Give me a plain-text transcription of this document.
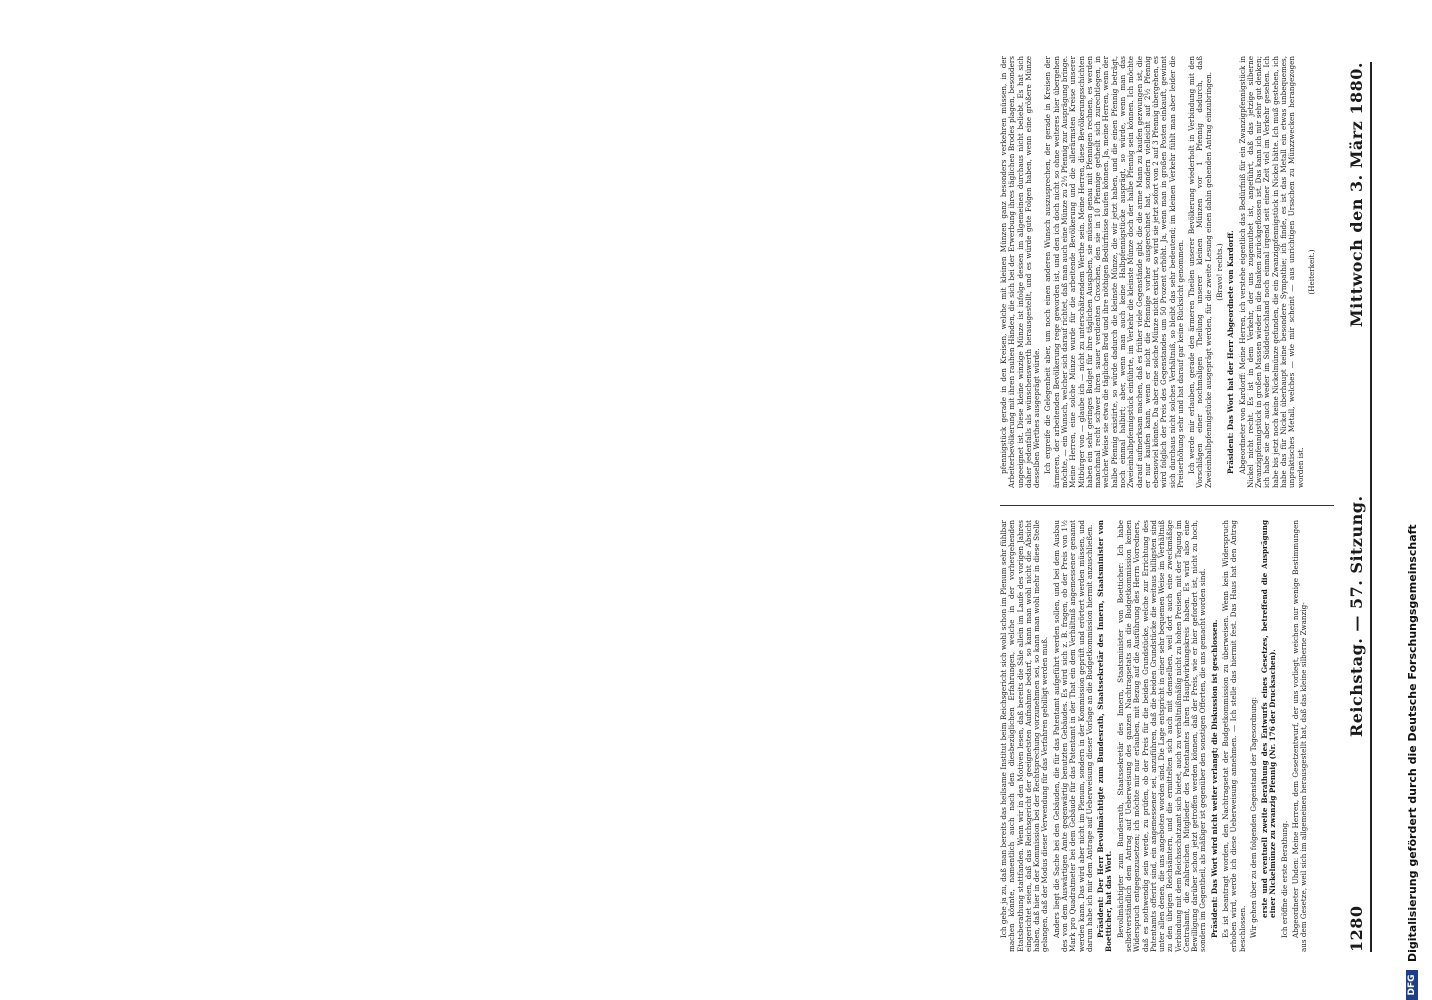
1280
Reichstag. — 57. Sitzung.
Mittwoch den 3. März 1880.

Ich gehe ja zu, daß man bereits das heilsame Institut beim Reichsgericht sich wohl schon im Plenum sehr fühlbar machen könnte, namentlich auch nach den diesbezüglichen Erfahrungen, welche in der vorhergehenden Etatsberathung stattfanden. Wenn wir in den Motiven lesen, daß bereits die Säle allein im Laufe des vorigen Jahres eingerichtet seien, daß das Reichsgericht der geeignetsten Aufnahme bedarf, so kann man wohl nicht die Absicht haben, daß hier in der Kommission bei der Rechtsprechung vorzunehmen sei, so kann man wohl mehr in diese Stelle gelangen, daß der Modus dieser Verwendung für das Verfahren gebilligt werden muß. Anders liegt die Sache bei den Gebäuden, die für das Patentamt aufgeführt werden sollen, und bei dem Ausbau des von dem Auswärtigen Amte gegenwärtig benutzten Gebäudes. Es wird sich z. B. fragen, ob der Preis von 1½ Mark pro Quadratmeter bei dem Gebäude für das Patentamt in der That ein dem Verhältniß angemessener genannt werden kann. Das wird aber nicht im Plenum, sondern in der Kommission geprüft und erörtert werden müssen, und darum habe ich mir dem Antrage auf Ueberweisung dieser Vorlage an die Budgetkommission hiermit anzuschließen. Präsident: Der Herr Bevollmächtigte zum Bundesrath, Staatssekretär des Innern, Staatsminister von Boetticher, hat das Wort. Bevollmächtigter zum Bundesrath, Staatssekretär des Innern, Staatsminister von Boetticher: Ich habe selbstverständlich dem Antrag auf Ueberweisung des ganzen Nachtragsetats an die Budgetkommission keinen Widerspruch entgegenzusetzen; ich möchte mir nur erlauben, mit Bezug auf die Ausführung des Herrn Vorredners, daß es nothwendig sein werde, zu prüfen, ob der Preis für die beiden Grundstücke, welche zur Errichtung des Patentamts offerirt sind, ein angemessener sei, anzuführen, daß die beiden Grundstücke die weitaus billigsten sind unter allen denen, die uns angeboten worden sind. Die Lage entspricht in einer sehr bequemen Weise im Verhältniß zu den übrigen Reichsämtern, und die ermittelten sich auch mit demselben, weil dort auch eine zweckmäßige Verbindung mit dem Reichsschatzamt sich bietet, auch zu verhältnißmäßig nicht zu hohen Preisen, mit der Tagung im Centralamt, die zahlreichen Mitglieder des Patentamtes ihren Hauptwirkungskreis haben. Es wird also eine Bewilligung darüber schon jetzt getroffen werden können, daß der Preis, wie er hier gefordert ist, nicht zu hoch, sondern im Gegentheil, als mäßiger ist gegenüber den sonstigen Offerten, die uns gemacht worden sind. Präsident: Das Wort wird nicht weiter verlangt; die Diskussion ist geschlossen. Es ist beantragt worden, den Nachtragsetat der Budgetkommission zu überweisen. Wenn kein Widerspruch erhoben wird, werde ich diese Ueberweisung annehmen. — Ich stelle das hiermit fest. Das Haus hat den Antrag beschlossen. Wir gehen über zu dem folgenden Gegenstand der Tagesordnung: erste und eventuell zweite Berathung des Entwurfs eines Gesetzes, betreffend die Ausprägung einer Nickelmünze zu zwanzig Pfennig (Nr. 176 der Drucksachen). Ich eröffne die erste Berathung. Abgeordneter Uhden: Meine Herren, dem Gesetzentwurf, der uns vorliegt, weichen nur wenige Bestimmungen aus dem Gesetze, weil sich im allgemeinen herausgestellt hat, daß das kleine silberne Zwanzig-

pfennigstück gerade in den Kreisen, welche mit kleinen Münzen ganz besonders verkehren müssen, in der Arbeiterbevölkerung mit ihren rauhen Händen, die sich bei der Erwerbung ihres täglichen Brodes plagen, besonders ungeeignet ist. Diese kleine winzige Münze ist infolge dessen im allgemeinen durchaus nicht beliebt. Es hat sich daher jedenfalls als wünschenswerth herausgestellt, und es würde gute Folgen haben, wenn eine größere Münze desselben Werthes ausgeprägt würde. Ich ergreife die Gelegenheit aber, um noch einen anderen Wunsch auszusprechen, der gerade in Kreisen der ärmeren, der arbeitenden Bevölkerung rege geworden ist, und den ich doch nicht so ohne weiteres hier übergehen möchte, — ein Wunsch, welcher sich darauf richtet, daß man auch eine Münze zu 2½ Pfennig zur Ausprägung bringe. Meine Herren, eine solche Münze wurde für die arbeitende Bevölkerung und die allerärmsten Kreise unserer Mitbürger von — glaube ich — nicht zu unterschätzendem Werthe sein. Meine Herren, diese Bevölkerungsschichten haben ein sehr geringes Budget für ihre täglichen Ausgaben, sie müssen genau mit Pfennigen rechnen, es werden manchmal recht schwer ihren sauer verdienten Groschen, den sie in 10 Pfennige getheilt sich zurechtlegen, in welcher Weise sie etwa die täglichen Brod und ihre nöthigen Bedürfnisse kaufen können. Ja, meine Herren, wenn der halbe Pfennig existirte, so würde dadurch die kleinste Münze, die wir jetzt haben, und die einen Pfennig beträgt, noch einmal halbirt; aber, wenn man auch keine Halbpfennigstücke ausprägt, so würde, wenn man das Zweieinhalbpfennigstück einführte, im Verkehr die kleinste Münze doch der halbe Pfennig sein können. Ich möchte darauf aufmerksam machen, daß es früher viele Gegenstände gibt, die die arme Mann zu kaufen gezwungen ist, die er nur kaufen kann, wenn er nicht die Pfennige vorher ausgerechnet hat, sondern vielleicht auf 2½ Pfennig ebensoviel könnte. Da aber eine solche Münze nicht existirt, so wird sie jetzt sofort von 2 auf 3 Pfennig übergehen, es wird folglich der Preis des Gegenstandes um 50 Prozent erhöht. Ja, wenn man in großen Posten einkauft, gewinnt sich durchaus nicht solches Verhältniß, so bleibt das sehr bedeutend; im kleinen Verkehr fühlt man aber leider die Preiserhöhung sehr und hat darauf gar keine Rücksicht genommen. Ich werde mir erlauben, gerade den ärmeren Theilen unserer Bevölkerung wiederholt in Verbindung mit den Vorschlägen einer nochmaligen Theilung unserer kleinen Münzen vor 1 Pfennig dadurch, daß Zweieinhalbpfennigstücke ausgeprägt werden, für die zweite Lesung einen dahin gehenden Antrag einzubringen. (Bravo! rechts.) Präsident: Das Wort hat der Herr Abgeordnete von Kardorff. Abgeordneter von Kardorff: Meine Herren, ich verstehe eigentlich das Bedürfniß für ein Zwanzigpfennigstück in Nickel nicht recht. Es ist in dem Verkehr, der uns zugemuthet ist, angeführt, daß das jetzige silberne Zwanzigpfennigstück in großen Massen wieder in die Banken zurückgeflossen ist. Das kann ich mir sehr gut denken; ich habe sie aber auch weder im Süddeutschland noch einmal irgend seit einer Zeit viel im Verkehr gesehen. Ich habe bis jetzt noch keine Nickelmünze gefunden, die ein Zwanzigpfennigstück in Nickel hätte. Ich muß gestehen, ich habe das für Nickel überhaupt keine besondere Sympathie; ich finde, es ist das Metall ein etwas unbequemes, unpraktisches Metall, welches — wie mir scheint — aus unrichtigen Ursachen zu Münzzwecken herangezogen worden ist.

(Heiterkeit.)

DFG
Digitalisierung gefördert durch die Deutsche Forschungsgemeinschaft
